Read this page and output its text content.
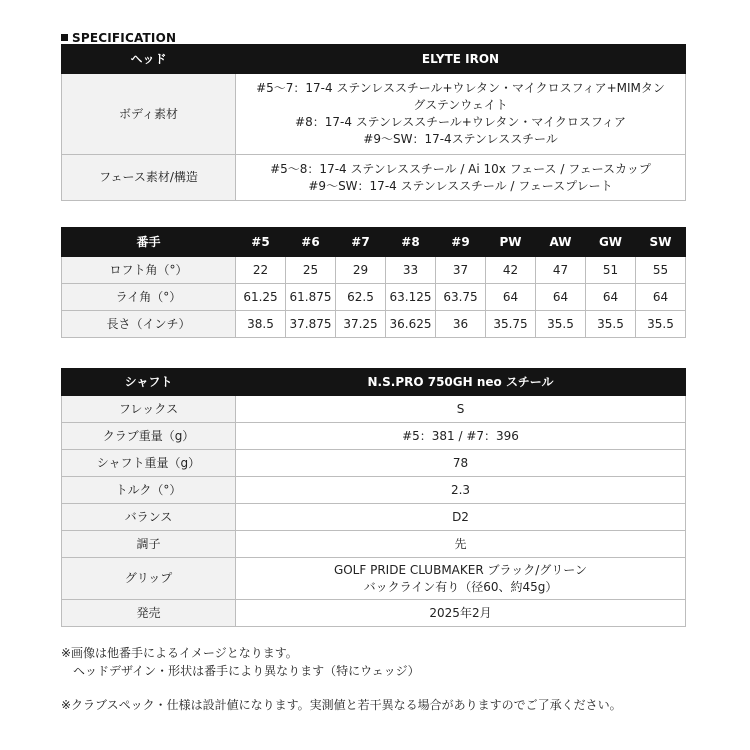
SPECIFICATION
ヘッド	ELYTE IRON
ボディ素材	#5〜7：17-4 ステンレススチール+ウレタン・マイクロスフィア+MIMタン
グステンウェイト
#8：17-4 ステンレススチール+ウレタン・マイクロスフィア
#9〜SW：17-4ステンレススチール

フェース素材/構造	#5〜8：17-4 ステンレススチール / Ai 10x フェース / フェースカップ
#9〜SW：17-4 ステンレススチール / フェースプレート
番手	#5	#6	#7	#8	#9	PW	AW	GW	SW
ロフト角（°）	22	25	29	33	37	42	47	51	55
ライ角（°）	61.25	61.875	62.5	63.125	63.75	64	64	64	64
長さ（インチ）	38.5	37.875	37.25	36.625	36	35.75	35.5	35.5	35.5
シャフト	N.S.PRO 750GH neo スチール
フレックス	S
クラブ重量（g）	#5：381 / #7：396
シャフト重量（g）	78
トルク（°）	2.3
バランス	D2
調子	先
グリップ	GOLF PRIDE CLUBMAKER ブラック/グリーン
バックライン有り（径60、約45g）

発売	2025年2月
※画像は他番手によるイメージとなります。
ヘッドデザイン・形状は番手により異なります（特にウェッジ）
※クラブスペック・仕様は設計値になります。実測値と若干異なる場合がありますのでご了承ください。
